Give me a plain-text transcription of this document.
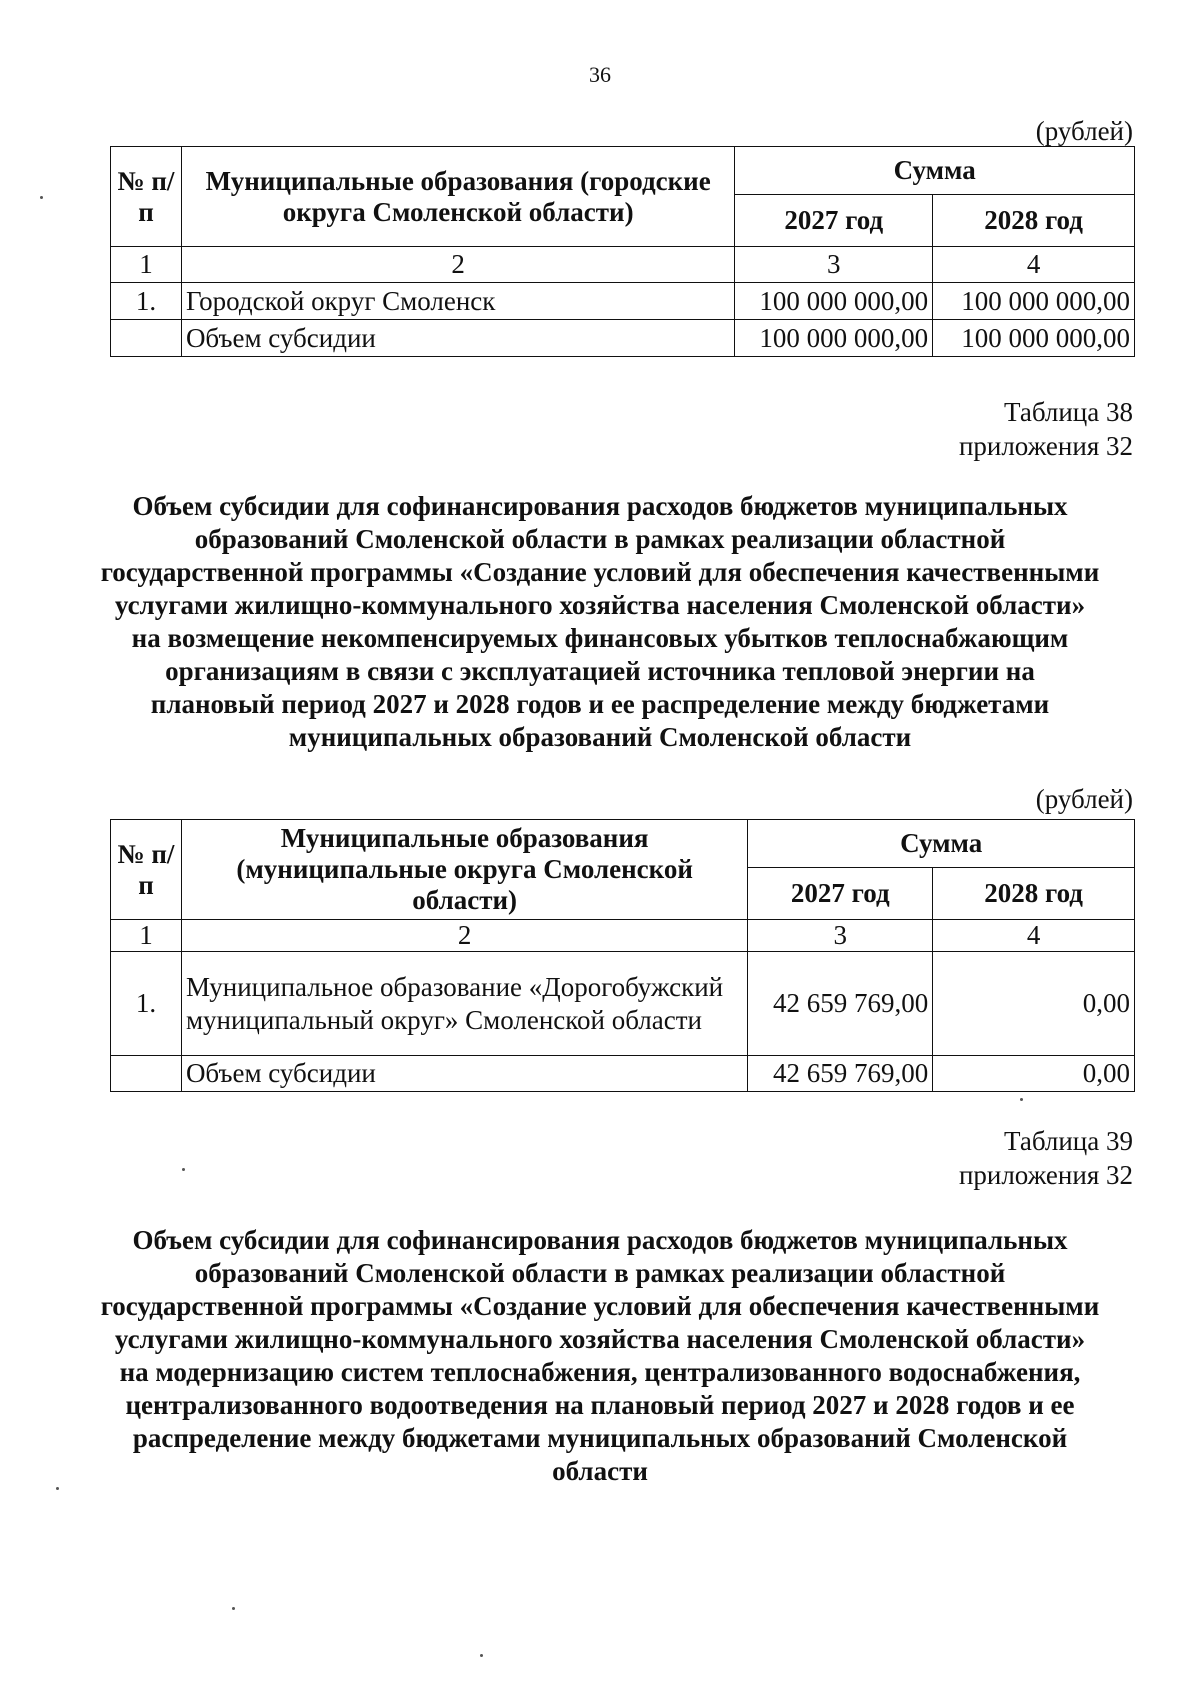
36
(рублей)
№ п/п	Муниципальные образования (городские округа Смоленской области)	Сумма	
		2027 год	2028 год
1	2	3	4
1.	Городской округ Смоленск	100 000 000,00	100 000 000,00
	Объем субсидии	100 000 000,00	100 000 000,00
Таблица 38
приложения 32
Объем субсидии для софинансирования расходов бюджетов муниципальных образований Смоленской области в рамках реализации областной государственной программы «Создание условий для обеспечения качественными услугами жилищно-коммунального хозяйства населения Смоленской области» на возмещение некомпенсируемых финансовых убытков теплоснабжающим организациям в связи с эксплуатацией источника тепловой энергии на плановый период 2027 и 2028 годов и ее распределение между бюджетами муниципальных образований Смоленской области
(рублей)
№ п/п	Муниципальные образования (муниципальные округа Смоленской области)	Сумма	
		2027 год	2028 год
1	2	3	4
1.	Муниципальное образование «Дорогобужский муниципальный округ» Смоленской области	42 659 769,00	0,00
	Объем субсидии	42 659 769,00	0,00
Таблица 39
приложения 32
Объем субсидии для софинансирования расходов бюджетов муниципальных образований Смоленской области в рамках реализации областной государственной программы «Создание условий для обеспечения качественными услугами жилищно-коммунального хозяйства населения Смоленской области» на модернизацию систем теплоснабжения, централизованного водоснабжения, централизованного водоотведения на плановый период 2027 и 2028 годов и ее распределение между бюджетами муниципальных образований Смоленской области
